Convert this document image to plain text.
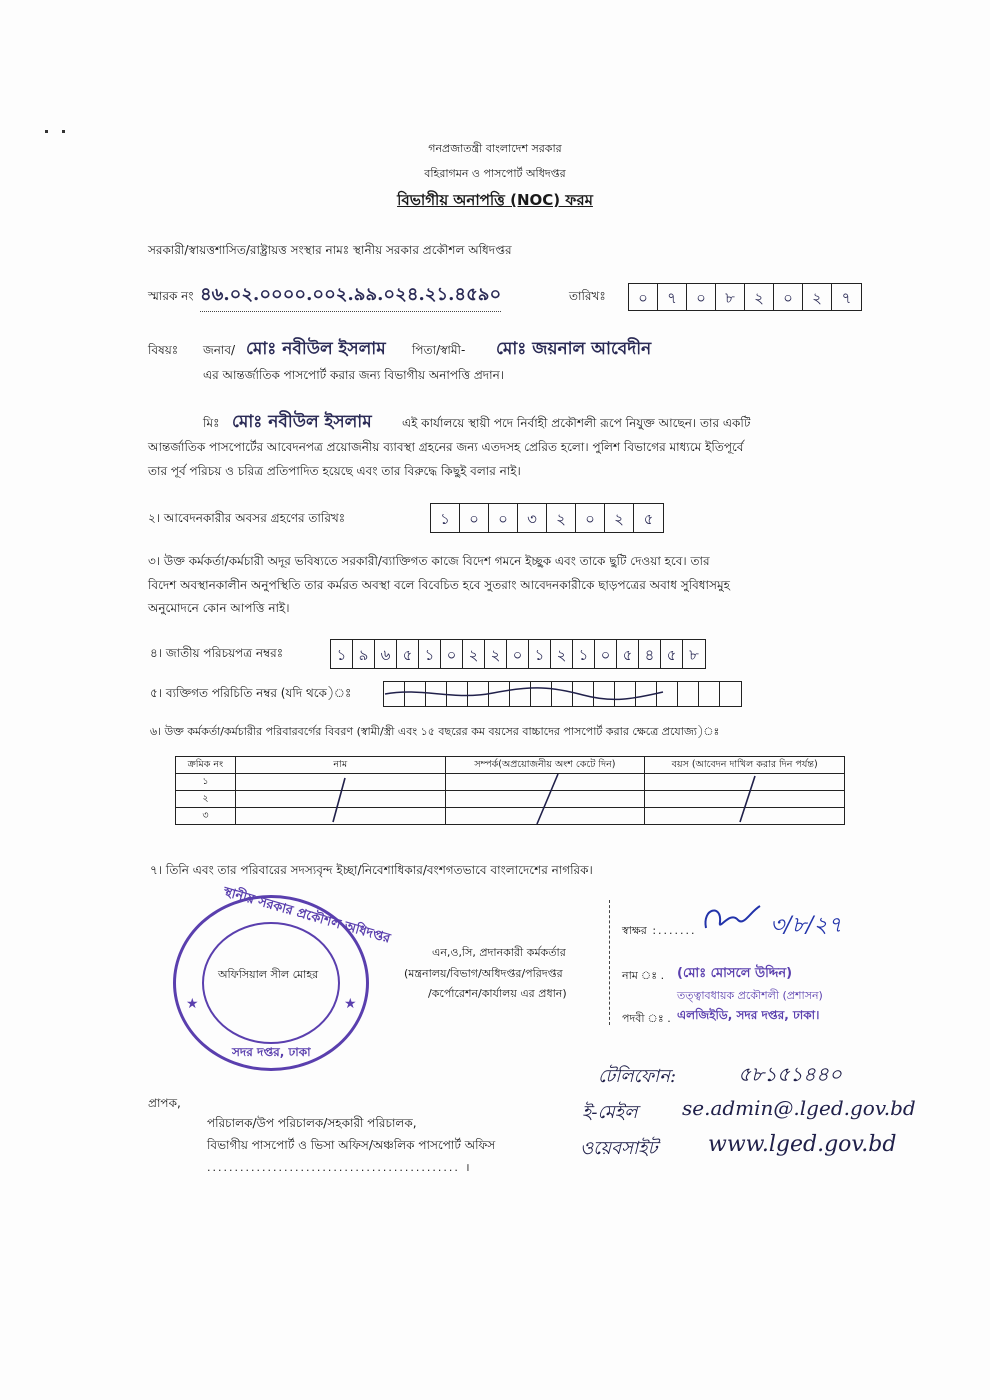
গনপ্রজাতন্ত্রী বাংলাদেশ সরকার
বহিরাগমন ও পাসপোর্ট অধিদপ্তর
বিভাগীয় অনাপত্তি (NOC) ফরম
সরকারী/স্বায়ত্তশাসিত/রাষ্ট্রায়ত্ত সংস্থার নামঃ স্থানীয় সরকার প্রকৌশল অধিদপ্তর
স্মারক নং ৪৬.০২.০০০০.০০২.৯৯.০২৪.২১.৪৫৯০	তারিখঃ	০	৭	০	৮	২	০	২	৭
বিষয়ঃ জনাব/ মোঃ নবীউল ইসলাম পিতা/স্বামী- মোঃ জয়নাল আবেদীন
এর আন্তর্জাতিক পাসপোর্ট করার জন্য বিভাগীয় অনাপত্তি প্রদান।
মিঃ মোঃ নবীউল ইসলাম	এই কার্যালয়ে স্থায়ী পদে নির্বাহী প্রকৌশলী রূপে নিযুক্ত আছেন। তার একটি
আন্তর্জাতিক পাসপোর্টের আবেদনপত্র প্রয়োজনীয় ব্যাবস্থা গ্রহনের জন্য এতদসহ প্রেরিত হলো। পুলিশ বিভাগের মাধ্যমে ইতিপূর্বে
তার পূর্ব পরিচয় ও চরিত্র প্রতিপাদিত হয়েছে এবং তার বিরুদ্ধে কিছুই বলার নাই।
২। আবেদনকারীর অবসর গ্রহণের তারিখঃ	১	০	০	৩	২	০	২	৫
৩। উক্ত কর্মকর্তা/কর্মচারী অদূর ভবিষ্যতে সরকারী/ব্যাক্তিগত কাজে বিদেশ গমনে ইচ্ছুক এবং তাকে ছুটি দেওয়া হবে। তার
বিদেশ অবস্থানকালীন অনুপস্থিতি তার কর্মরত অবস্থা বলে বিবেচিত হবে সুতরাং আবেদনকারীকে ছাড়পত্রের অবাধ সুবিধাসমুহ
অনুমোদনে কোন আপত্তি নাই।
৪। জাতীয় পরিচয়পত্র নম্বরঃ	১ ৯ ৬ ৫ ১ ০ ২ ২ ০ ১ ২ ১ ০ ৫ ৪ ৫ ৮
৫। ব্যক্তিগত পরিচিতি নম্বর (যদি থকে)ঃ
৬। উক্ত কর্মকর্তা/কর্মচারীর পরিবারবর্গের বিবরণ (স্বামী/স্ত্রী এবং ১৫ বছরের কম বয়সের বাচ্চাদের পাসপোর্ট করার ক্ষেত্রে প্রযোজ্য)ঃ
ক্রমিক নং	নাম	সম্পর্ক(অপ্রয়োজনীয় অংশ কেটে দিন)	বয়স (আবেদন দাখিল করার দিন পর্যন্ত)
১			
২			
৩			
৭। তিনি এবং তার পরিবারের সদস্যবৃন্দ ইচ্ছা/নিবেশাধিকার/বংশগতভাবে বাংলাদেশের নাগরিক।
স্থানীয় সরকার প্রকৌশল অধিদপ্তর
সদর দপ্তর, ঢাকা
অফিসিয়াল সীল মোহর
★	★
এন,ও,সি, প্রদানকারী কর্মকর্তার
(মন্ত্রনালয়/বিভাগ/অধিদপ্তর/পরিদপ্তর
/কর্পোরেশন/কার্যালয় এর প্রধান)
স্বাক্ষর :.......	৩/৮/২৭
নাম ঃ . (মোঃ মোসলে উদ্দিন)
তত্ত্বাবধায়ক প্রকৌশলী (প্রশাসন)
পদবী ঃ . এলজিইডি, সদর দপ্তর, ঢাকা।
প্রাপক,
পরিচালক/উপ পরিচালক/সহকারী পরিচালক,
বিভাগীয় পাসপোর্ট ও ভিসা অফিস/অঞ্চলিক পাসপোর্ট অফিস
.............................................. ।
টেলিফোন:	৫৮১৫১৪৪০
ই-মেইল se.admin@.lged.gov.bd
ওয়েবসাইট www.lged.gov.bd
